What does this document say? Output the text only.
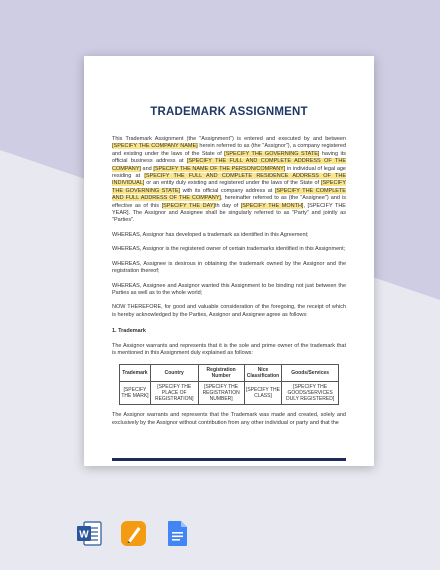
TRADEMARK ASSIGNMENT

This Trademark Assignment (the "Assignment") is entered and executed by and between [SPECIFY THE COMPANY NAME] herein referred to as (the "Assignor"), a company registered and existing under the laws of the State of [SPECIFY THE GOVERNING STATE] having its official business address at [SPECIFY THE FULL AND COMPLETE ADDRESS OF THE COMPANY] and [SPECIFY THE NAME OF THE PERSON/COMPANY] in individual of legal age residing at [SPECIFY THE FULL AND COMPLETE RESIDENCE ADDRESS OF THE INDIVIDUAL] or an entity duly existing and registered under the laws of the State of [SPECIFY THE GOVERNING STATE] with its official company address at [SPECIFY THE COMPLETE AND FULL ADDRESS OF THE COMPANY], hereinafter referred to as (the "Assignee") and is effective as of this [SPECIFY THE DAY]th day of [SPECIFY THE MONTH], [SPECIFY THE YEAR]. The Assignor and Assignee shall be singularly referred to as "Party" and jointly as "Parties".

WHEREAS, Assignor has developed a trademark as identified in this Agreement;

WHEREAS, Assignor is the registered owner of certain trademarks identified in this Assignment;

WHEREAS, Assignee is desirous in obtaining the trademark owned by the Assignor and the registration thereof;

WHEREAS, Assignee and Assignor wanted this Assignment to be binding not just between the Parties as well as to the whole world;

NOW THEREFORE, for good and valuable consideration of the foregoing, the receipt of which is hereby acknowledged by the Parties, Assignor and Assignee agree as follows:

1. Trademark

The Assignor warrants and represents that it is the sole and prime owner of the trademark that is mentioned in this Assignment duly explained as follows:

Trademark	Country	Registration Number	Nice Classification	Goods/Services
[SPECIFY THE MARK]	[SPECIFY THE PLACE OF REGISTRATION]	[SPECIFY THE REGISTRATION NUMBER]	[SPECIFY THE CLASS]	[SPECIFY THE GOODS/SERVICES DULY REGISTERED]

The Assignor warrants and represents that the Trademark was made and created, solely and exclusively by the Assignor without contribution from any other individual or party and that the

W
